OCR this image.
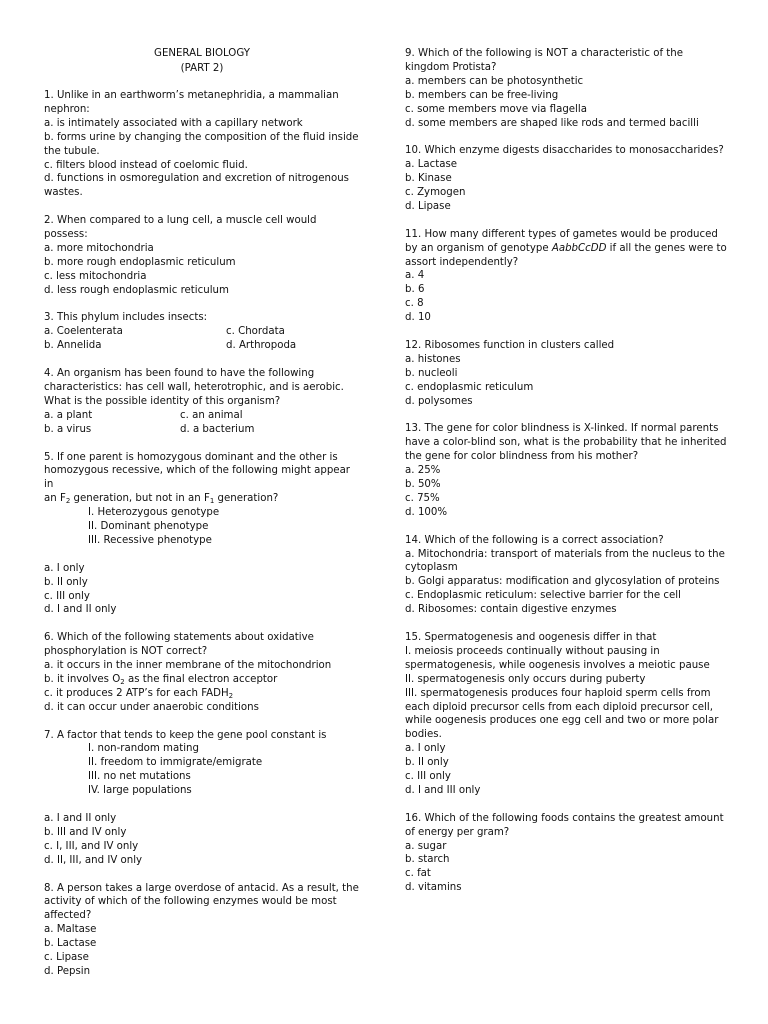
GENERAL BIOLOGY
(PART 2)
1. Unlike in an earthworm’s metanephridia, a mammalian
nephron:
a. is intimately associated with a capillary network
b. forms urine by changing the composition of the fluid inside
the tubule.
c. filters blood instead of coelomic fluid.
d. functions in osmoregulation and excretion of nitrogenous
wastes.
2. When compared to a lung cell, a muscle cell would possess:
a. more mitochondria
b. more rough endoplasmic reticulum
c. less mitochondria
d. less rough endoplasmic reticulum
3. This phylum includes insects:
a. Coelenterata	c. Chordata
b. Annelida	d. Arthropoda
4. An organism has been found to have the following
characteristics: has cell wall, heterotrophic, and is aerobic.
What is the possible identity of this organism?
a. a plant	c. an animal
b. a virus	d. a bacterium
5. If one parent is homozygous dominant and the other is
homozygous recessive, which of the following might appear in
an $F_2$ generation, but not in an $F_1$ generation?
I. Heterozygous genotype
II. Dominant phenotype
III. Recessive phenotype
a. I only
b. II only
c. III only
d. I and II only
6. Which of the following statements about oxidative
phosphorylation is NOT correct?
a. it occurs in the inner membrane of the mitochondrion
b. it involves $O_2$ as the final electron acceptor
c. it produces 2 ATP’s for each $FADH_2$
d. it can occur under anaerobic conditions
7. A factor that tends to keep the gene pool constant is
I. non-random mating
II. freedom to immigrate/emigrate
III. no net mutations
IV. large populations
a. I and II only
b. III and IV only
c. I, III, and IV only
d. II, III, and IV only
8. A person takes a large overdose of antacid. As a result, the
activity of which of the following enzymes would be most
affected?
a. Maltase
b. Lactase
c. Lipase
d. Pepsin
9. Which of the following is NOT a characteristic of the
kingdom Protista?
a. members can be photosynthetic
b. members can be free-living
c. some members move via flagella
d. some members are shaped like rods and termed bacilli
10. Which enzyme digests disaccharides to monosaccharides?
a. Lactase
b. Kinase
c. Zymogen
d. Lipase
11. How many different types of gametes would be produced
by an organism of genotype AabbCcDD if all the genes were to
assort independently?
a. 4
b. 6
c. 8
d. 10
12. Ribosomes function in clusters called
a. histones
b. nucleoli
c. endoplasmic reticulum
d. polysomes
13. The gene for color blindness is X-linked. If normal parents
have a color-blind son, what is the probability that he inherited
the gene for color blindness from his mother?
a. 25%
b. 50%
c. 75%
d. 100%
14. Which of the following is a correct association?
a. Mitochondria: transport of materials from the nucleus to the
cytoplasm
b. Golgi apparatus: modification and glycosylation of proteins
c. Endoplasmic reticulum: selective barrier for the cell
d. Ribosomes: contain digestive enzymes
15. Spermatogenesis and oogenesis differ in that
I. meiosis proceeds continually without pausing in
spermatogenesis, while oogenesis involves a meiotic pause
II. spermatogenesis only occurs during puberty
III. spermatogenesis produces four haploid sperm cells from
each diploid precursor cells from each diploid precursor cell,
while oogenesis produces one egg cell and two or more polar
bodies.
a. I only
b. II only
c. III only
d. I and III only
16. Which of the following foods contains the greatest amount
of energy per gram?
a. sugar
b. starch
c. fat
d. vitamins
